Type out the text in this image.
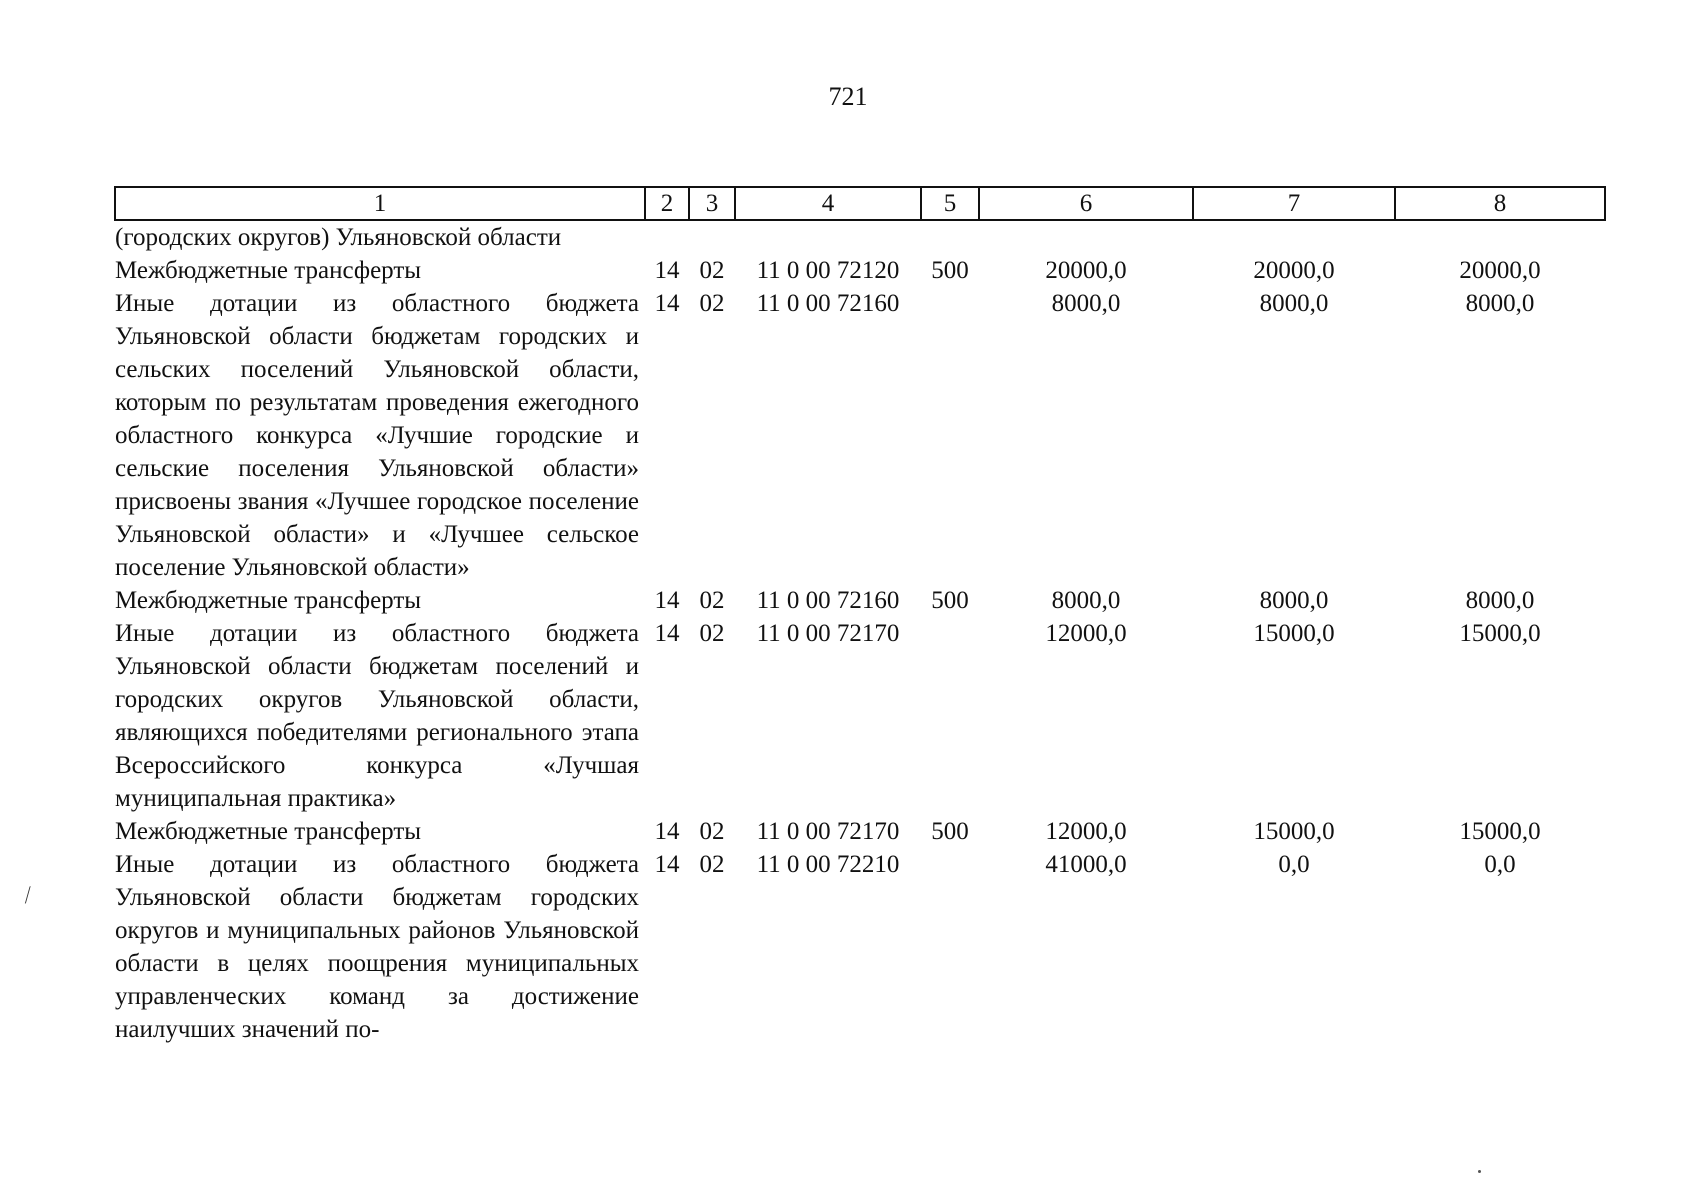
721
1	2	3	4	5	6	7	8
(городских округов) Ульяновской области							
Межбюджетные трансферты	14	02	11 0 00 72120	500	20000,0	20000,0	20000,0
Иные дотации из областного бюджета Ульяновской области бюджетам городских и сельских поселений Ульяновской области, которым по результатам проведения ежегодного областного конкурса «Лучшие городские и сельские поселения Ульяновской области» присвоены звания «Лучшее городское поселение Ульяновской области» и «Лучшее сельское поселение Ульяновской области»	14	02	11 0 00 72160		8000,0	8000,0	8000,0
Межбюджетные трансферты	14	02	11 0 00 72160	500	8000,0	8000,0	8000,0
Иные дотации из областного бюджета Ульяновской области бюджетам поселений и городских округов Ульяновской области, являющихся победителями регионального этапа Всероссийского конкурса «Лучшая муниципальная практика»	14	02	11 0 00 72170		12000,0	15000,0	15000,0
Межбюджетные трансферты	14	02	11 0 00 72170	500	12000,0	15000,0	15000,0
Иные дотации из областного бюджета Ульяновской области бюджетам городских округов и муниципальных районов Ульяновской области в целях поощрения муниципальных управленческих команд за достижение наилучших значений по-	14	02	11 0 00 72210		41000,0	0,0	0,0
⁄
